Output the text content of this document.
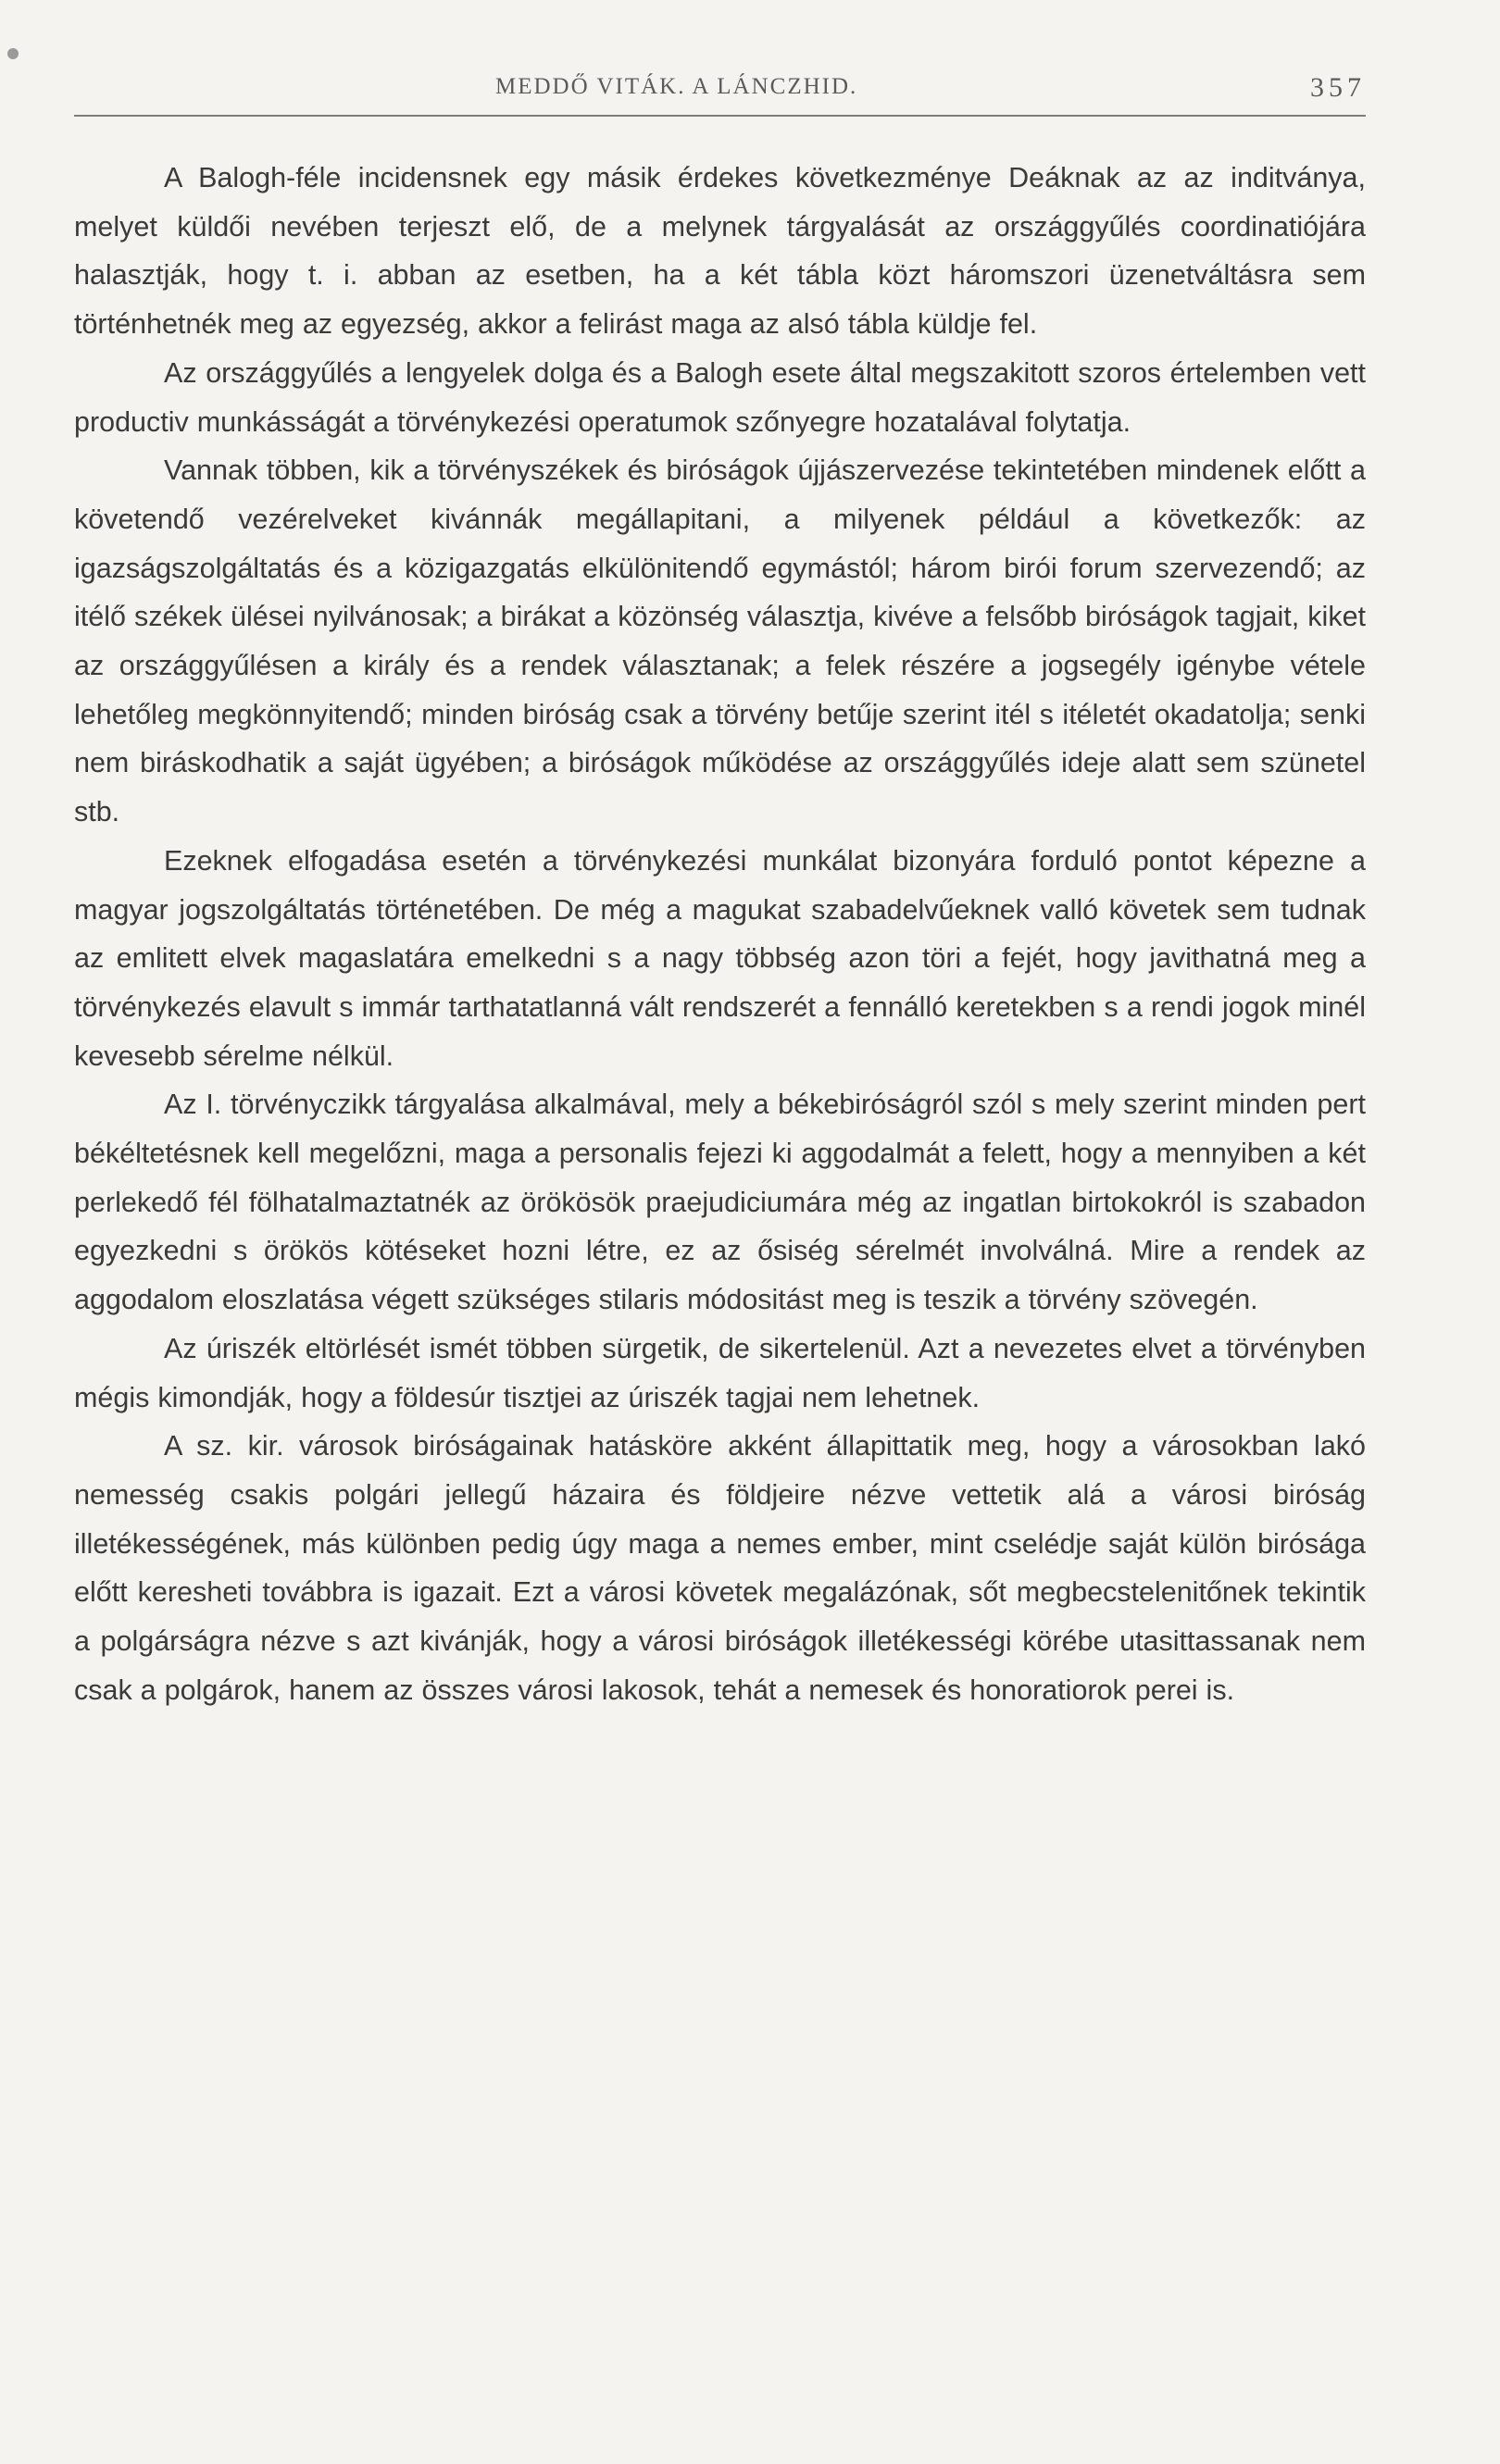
MEDDŐ VITÁK. A LÁNCZHID.	357

A Balogh-féle incidensnek egy másik érdekes következménye Deáknak az az inditványa, melyet küldői nevében terjeszt elő, de a melynek tárgyalását az országgyűlés coordinatiójára halasztják, hogy t. i. abban az esetben, ha a két tábla közt háromszori üzenetváltásra sem történhetnék meg az egyezség, akkor a felirást maga az alsó tábla küldje fel.

Az országgyűlés a lengyelek dolga és a Balogh esete által megszakitott szoros értelemben vett productiv munkásságát a törvénykezési operatumok szőnyegre hozatalával folytatja.

Vannak többen, kik a törvényszékek és biróságok újjászervezése tekintetében mindenek előtt a követendő vezérelveket kivánnák megállapitani, a milyenek például a következők: az igazságszolgáltatás és a közigazgatás elkülönitendő egymástól; három birói forum szervezendő; az itélő székek ülései nyilvánosak; a birákat a közönség választja, kivéve a felsőbb biróságok tagjait, kiket az országgyűlésen a király és a rendek választanak; a felek részére a jogsegély igénybe vétele lehetőleg megkönnyitendő; minden biróság csak a törvény betűje szerint itél s itéletét okadatolja; senki nem biráskodhatik a saját ügyében; a biróságok működése az országgyűlés ideje alatt sem szünetel stb.

Ezeknek elfogadása esetén a törvénykezési munkálat bizonyára forduló pontot képezne a magyar jogszolgáltatás történetében. De még a magukat szabadelvűeknek valló követek sem tudnak az emlitett elvek magaslatára emelkedni s a nagy többség azon töri a fejét, hogy javithatná meg a törvénykezés elavult s immár tarthatatlanná vált rendszerét a fennálló keretekben s a rendi jogok minél kevesebb sérelme nélkül.

Az I. törvényczikk tárgyalása alkalmával, mely a békebiróságról szól s mely szerint minden pert békéltetésnek kell megelőzni, maga a personalis fejezi ki aggodalmát a felett, hogy a mennyiben a két perlekedő fél fölhatalmaztatnék az örökösök praejudiciumára még az ingatlan birtokokról is szabadon egyezkedni s örökös kötéseket hozni létre, ez az ősiség sérelmét involválná. Mire a rendek az aggodalom eloszlatása végett szükséges stilaris módositást meg is teszik a törvény szövegén.

Az úriszék eltörlését ismét többen sürgetik, de sikertelenül. Azt a nevezetes elvet a törvényben mégis kimondják, hogy a földesúr tisztjei az úriszék tagjai nem lehetnek.

A sz. kir. városok biróságainak hatásköre akként állapittatik meg, hogy a városokban lakó nemesség csakis polgári jellegű házaira és földjeire nézve vettetik alá a városi biróság illetékességének, más különben pedig úgy maga a nemes ember, mint cselédje saját külön birósága előtt keresheti továbbra is igazait. Ezt a városi követek megalázónak, sőt megbecstelenitőnek tekintik a polgárságra nézve s azt kivánják, hogy a városi biróságok illetékességi körébe utasittassanak nem csak a polgárok, hanem az összes városi lakosok, tehát a nemesek és honoratiorok perei is.
